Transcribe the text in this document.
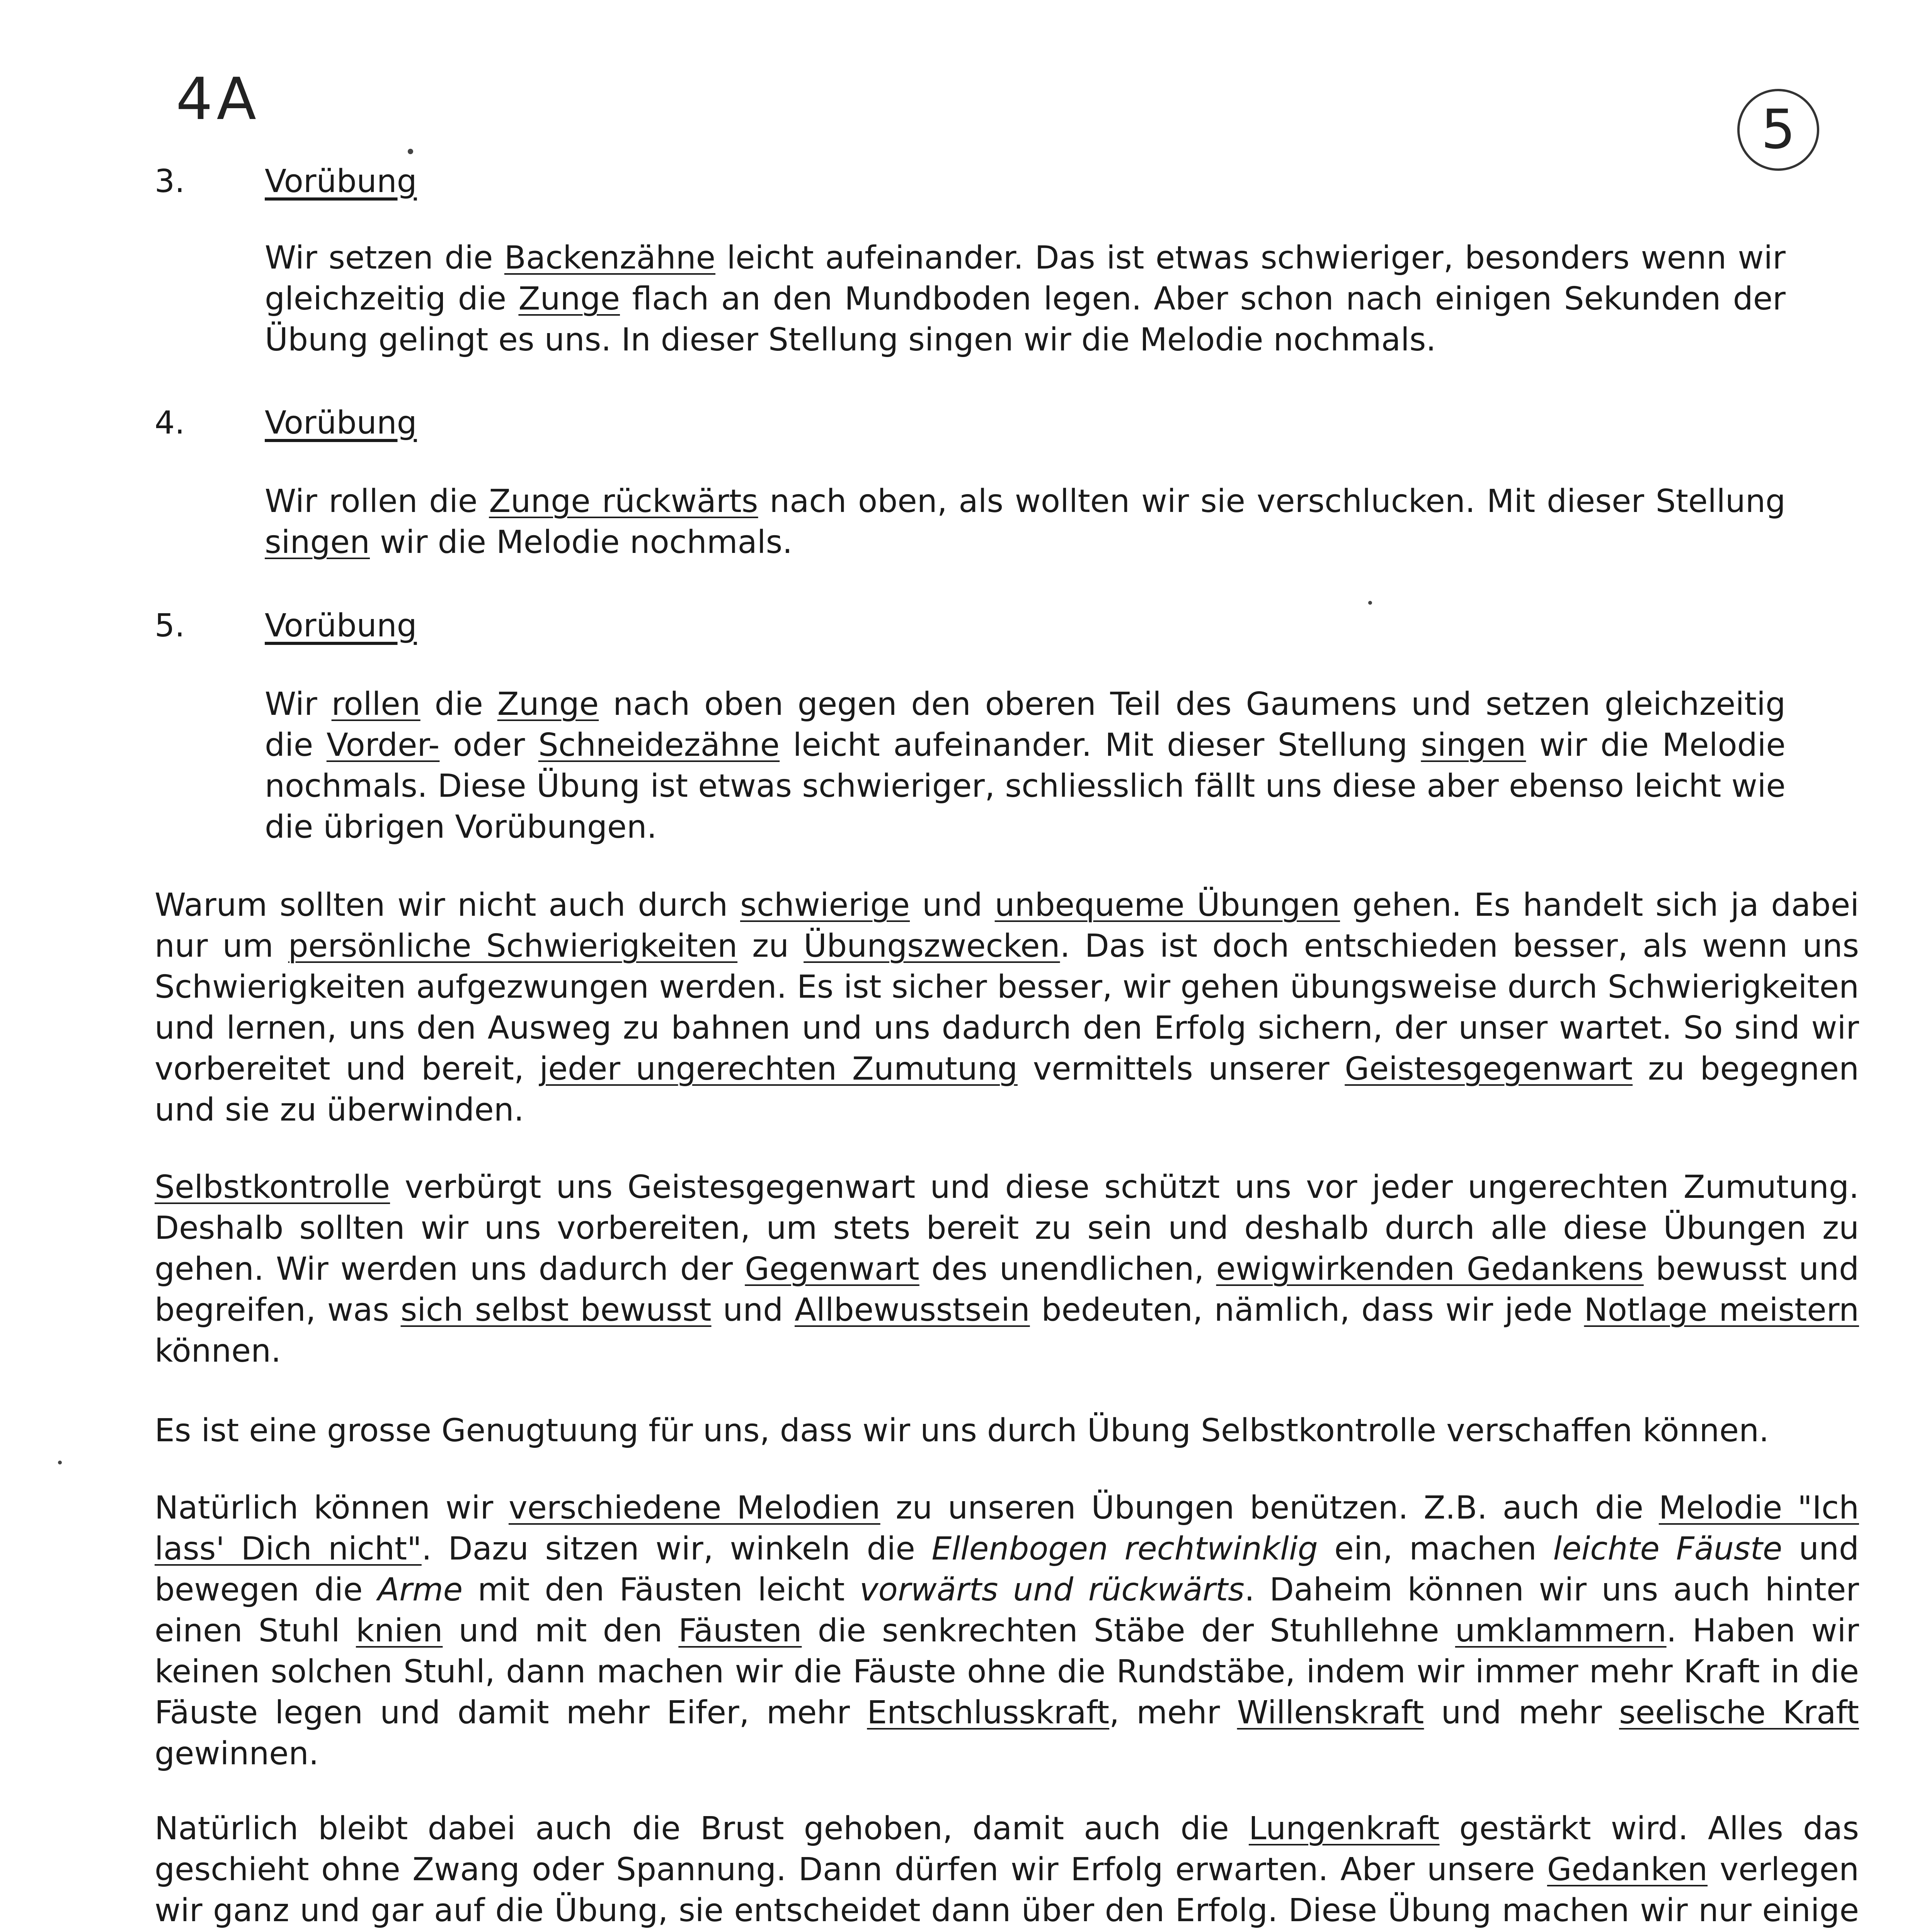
4A	5
3.	Vorübung

Wir setzen die Backenzähne leicht aufeinander. Das ist etwas schwieriger, besonders wenn wir gleichzeitig die Zunge flach an den Mundboden legen. Aber schon nach einigen Sekunden der Übung gelingt es uns. In dieser Stellung singen wir die Melodie nochmals.

4.	Vorübung

Wir rollen die Zunge rückwärts nach oben, als wollten wir sie verschlucken. Mit dieser Stellung singen wir die Melodie nochmals.

5.	Vorübung

Wir rollen die Zunge nach oben gegen den oberen Teil des Gaumens und setzen gleichzeitig die Vorder- oder Schneidezähne leicht aufeinander. Mit dieser Stellung singen wir die Melodie nochmals. Diese Übung ist etwas schwieriger, schliesslich fällt uns diese aber ebenso leicht wie die übrigen Vorübungen.

Warum sollten wir nicht auch durch schwierige und unbequeme Übungen gehen. Es handelt sich ja dabei nur um persönliche Schwierigkeiten zu Übungszwecken. Das ist doch entschieden besser, als wenn uns Schwierigkeiten aufgezwungen werden. Es ist sicher besser, wir gehen übungsweise durch Schwierigkeiten und lernen, uns den Ausweg zu bahnen und uns dadurch den Erfolg sichern, der unser wartet. So sind wir vorbereitet und bereit, jeder ungerechten Zumutung vermittels unserer Geistesgegenwart zu begegnen und sie zu überwinden.

Selbstkontrolle verbürgt uns Geistesgegenwart und diese schützt uns vor jeder ungerechten Zumutung. Deshalb sollten wir uns vorbereiten, um stets bereit zu sein und deshalb durch alle diese Übungen zu gehen. Wir werden uns dadurch der Gegenwart des unendlichen, ewigwirkenden Gedankens bewusst und begreifen, was sich selbst bewusst und Allbewusstsein bedeuten, nämlich, dass wir jede Notlage meistern können.

Es ist eine grosse Genugtuung für uns, dass wir uns durch Übung Selbstkontrolle verschaffen können.

Natürlich können wir verschiedene Melodien zu unseren Übungen benützen. Z.B. auch die Melodie "Ich lass' Dich nicht". Dazu sitzen wir, winkeln die Ellenbogen rechtwinklig ein, machen leichte Fäuste und bewegen die Arme mit den Fäusten leicht vorwärts und rückwärts. Daheim können wir uns auch hinter einen Stuhl knien und mit den Fäusten die senkrechten Stäbe der Stuhllehne umklammern. Haben wir keinen solchen Stuhl, dann machen wir die Fäuste ohne die Rundstäbe, indem wir immer mehr Kraft in die Fäuste legen und damit mehr Eifer, mehr Entschlusskraft, mehr Willenskraft und mehr seelische Kraft gewinnen.

Natürlich bleibt dabei auch die Brust gehoben, damit auch die Lungenkraft gestärkt wird. Alles das geschieht ohne Zwang oder Spannung. Dann dürfen wir Erfolg erwarten. Aber unsere Gedanken verlegen wir ganz und gar auf die Übung, sie entscheidet dann über den Erfolg. Diese Übung machen wir nur einige
